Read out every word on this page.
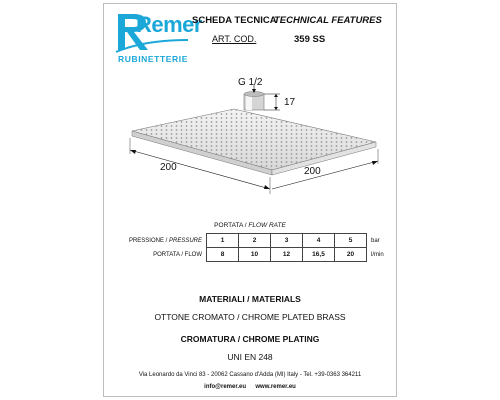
Remer
RUBINETTERIE
SCHEDA TECNICA
TECHNICAL FEATURES
ART. COD.	359 SS
G 1/2
17
200	200
PORTATA / FLOW RATE
PRESSIONE / PRESSURE	1	2	3	4	5	bar
PORTATA / FLOW	8	10	12	16,5	20	l/min
MATERIALI / MATERIALS
OTTONE CROMATO / CHROME PLATED BRASS
CROMATURA / CHROME PLATING
UNI EN 248
Via Leonardo da Vinci 83 - 20062 Cassano d'Adda (MI) Italy - Tel. +39-0363 364211
info@remer.eu www.remer.eu
